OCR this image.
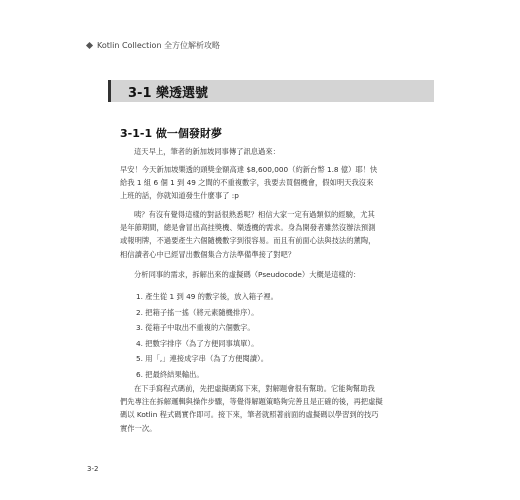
Kotlin Collection 全方位解析攻略
3-1 樂透選號
3-1-1 做一個發財夢

這天早上，筆者的新加坡同事傳了訊息過來：

早安！今天新加坡樂透的頭獎金額高達 $8,600,000（約新台幣 1.8 億）耶！快
給我 1 組 6 個 1 到 49 之間的不重複數字，我要去買個機會，假如明天我沒來
上班的話，你就知道發生什麼事了 :p

咦？有沒有覺得這樣的對話很熟悉呢？相信大家一定有過類似的經驗，尤其
是年節期間，總是會冒出高挂獎機、樂透機的需求。身為開發者雖然沒辦法預測
或報明牌，不過要產生六個隨機數字到很容易。而且有前面心法與技法的薰陶，
相信讀者心中已經冒出數個集合方法準備準接了對吧？

分析同事的需求，拆解出來的虛擬碼（Pseudocode）大概是這樣的：

1. 產生從 1 到 49 的數字後，放入箱子裡。
2. 把箱子搖一搖（將元素隨機排序）。
3. 從箱子中取出不重複的六個數字。
4. 把數字排序（為了方便同事填單）。
5. 用「,」連接成字串（為了方便閱讀）。
6. 把最終結果輸出。

在下手寫程式碼前，先把虛擬碼寫下來，對解題會很有幫助。它能夠幫助我
們先專注在拆解邏輯與操作步驟，等覺得解題策略夠完善且是正確的後，再把虛擬
碼以 Kotlin 程式碼實作即可。接下來，筆者就照著前面的虛擬碼以學習到的技巧
實作一次。

3-2
